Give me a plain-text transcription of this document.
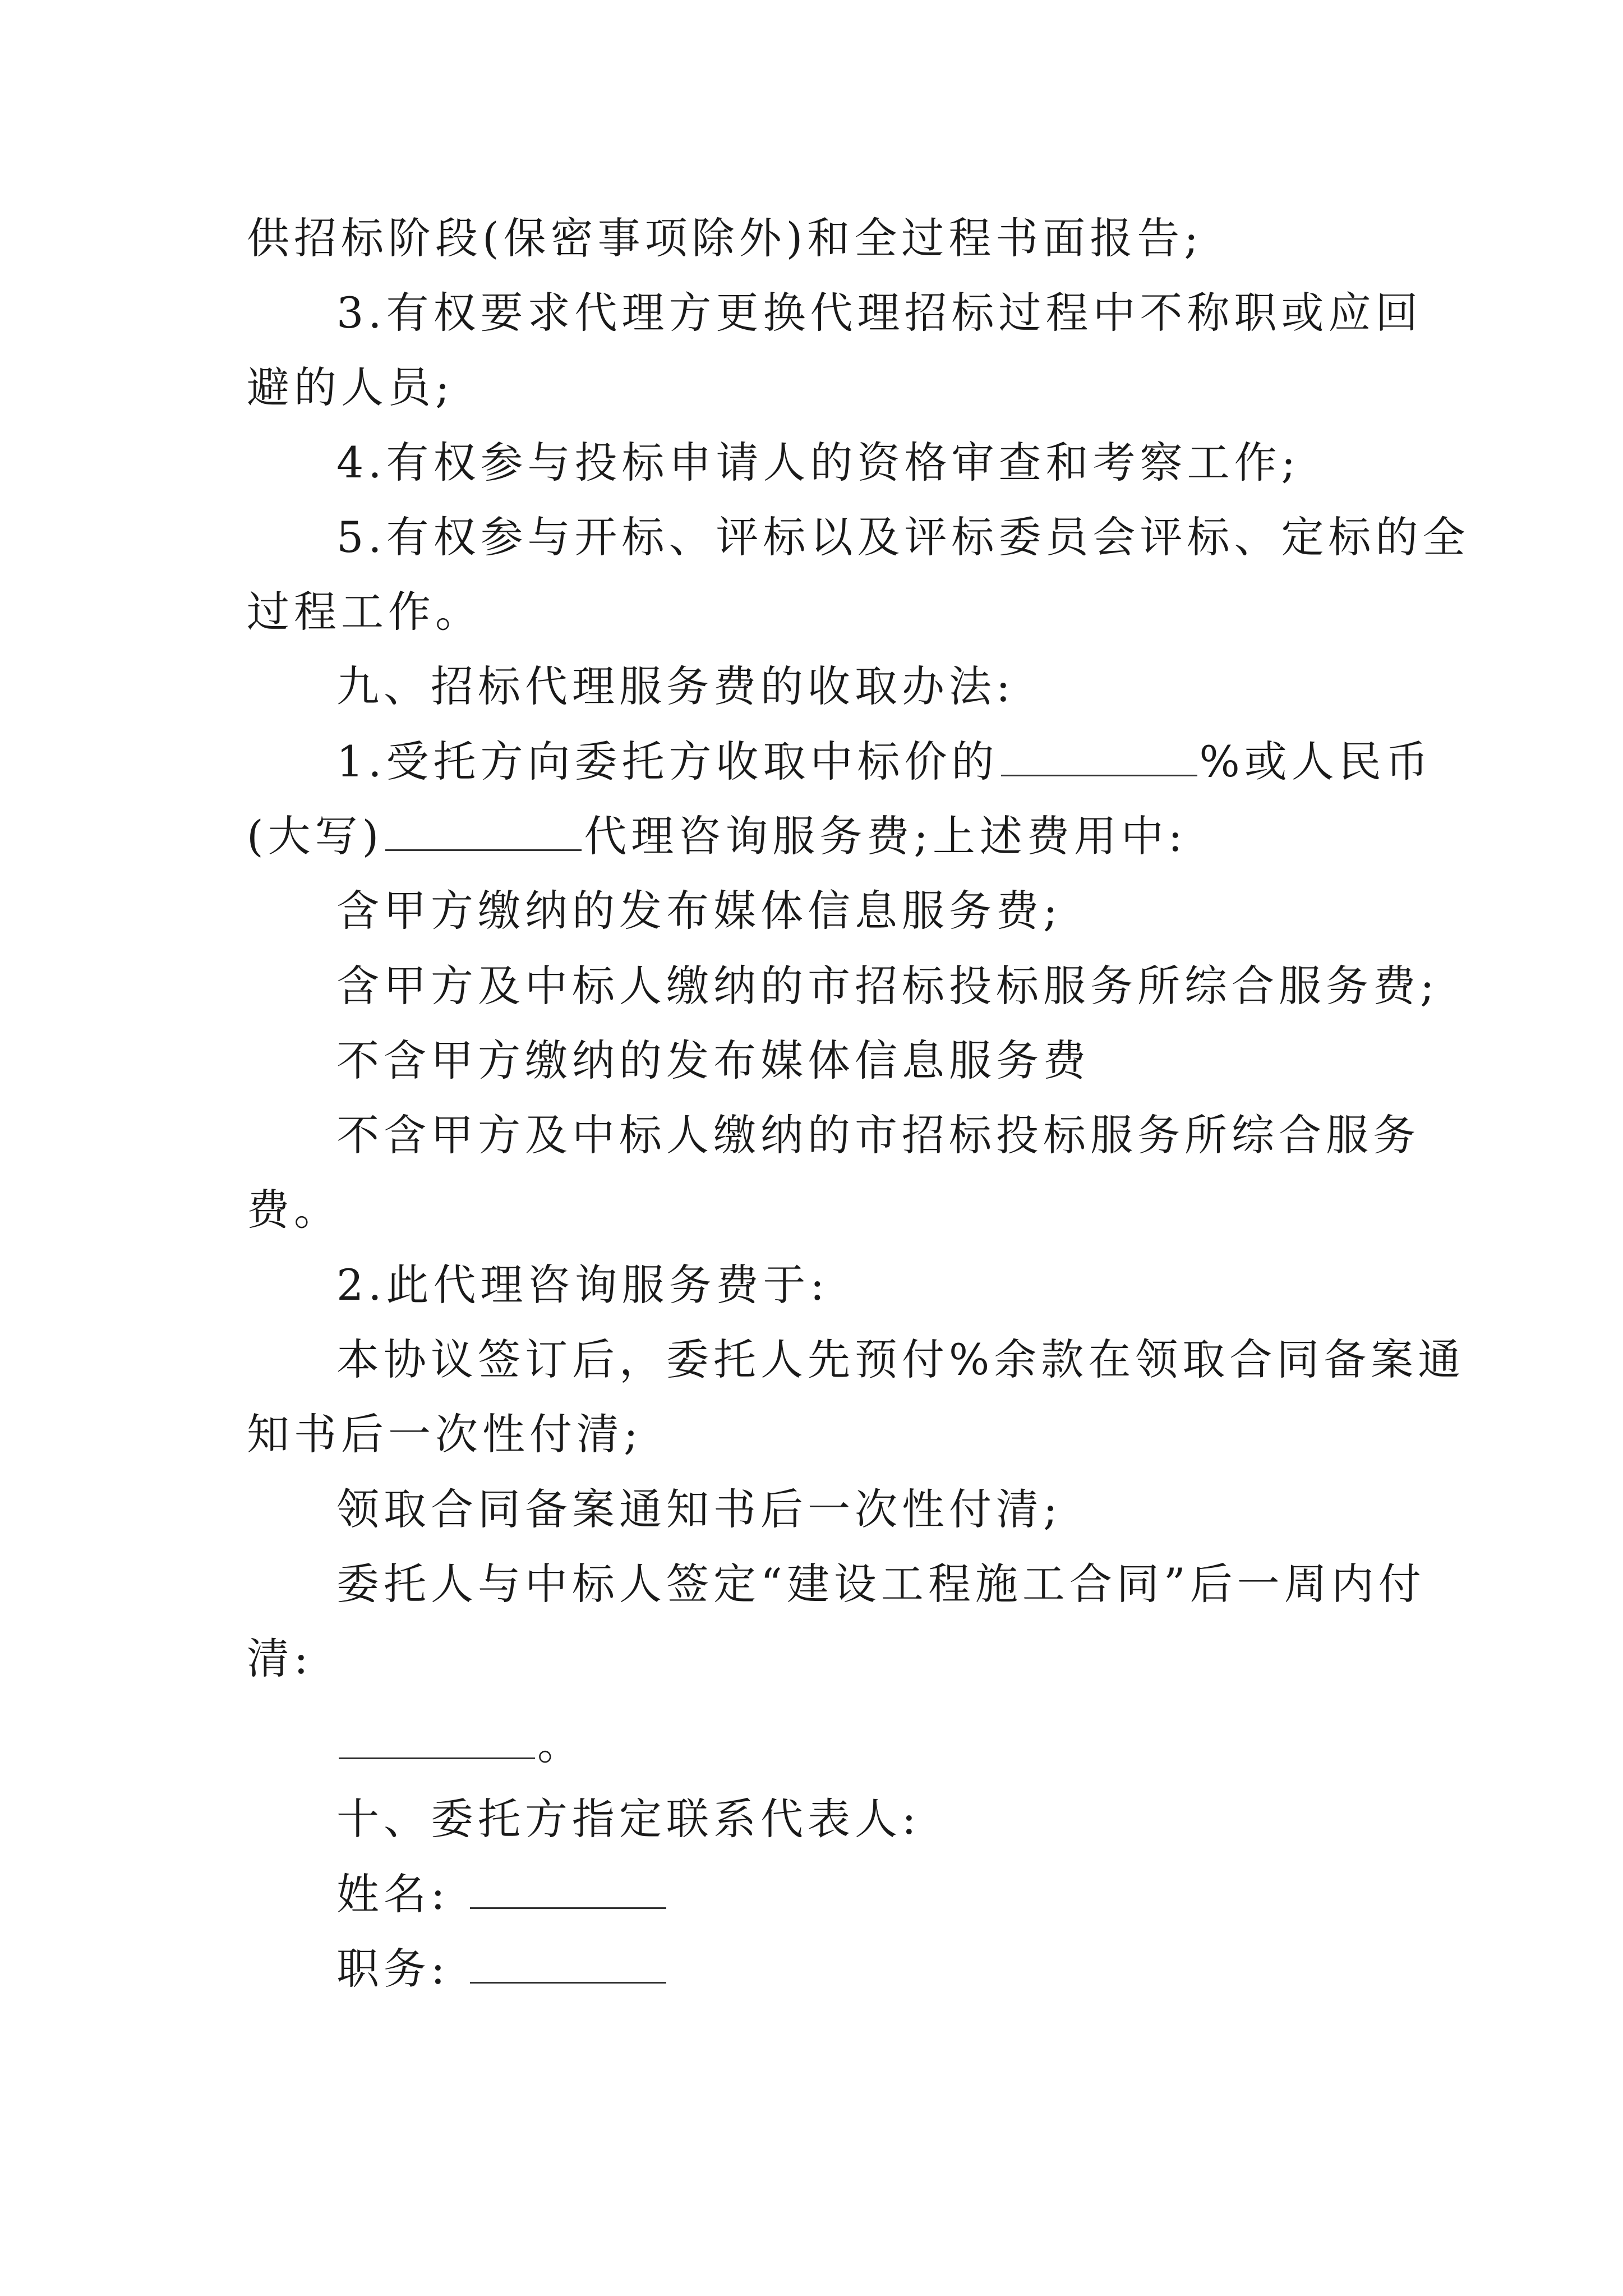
供招标阶段(保密事项除外)和全过程书面报告;
3.有权要求代理方更换代理招标过程中不称职或应回
避的人员;
4.有权参与投标申请人的资格审查和考察工作;
5.有权参与开标、评标以及评标委员会评标、定标的全
过程工作。
九、招标代理服务费的收取办法:
1.受托方向委托方收取中标价的	%或人民币
(大写)	代理咨询服务费;上述费用中:
含甲方缴纳的发布媒体信息服务费;
含甲方及中标人缴纳的市招标投标服务所综合服务费;
不含甲方缴纳的发布媒体信息服务费
不含甲方及中标人缴纳的市招标投标服务所综合服务
费。
2.此代理咨询服务费于:
本协议签订后，委托人先预付%余款在领取合同备案通
知书后一次性付清;
领取合同备案通知书后一次性付清;
委托人与中标人签定“建设工程施工合同”后一周内付
清:
。
十、委托方指定联系代表人:
姓名:
职务:
